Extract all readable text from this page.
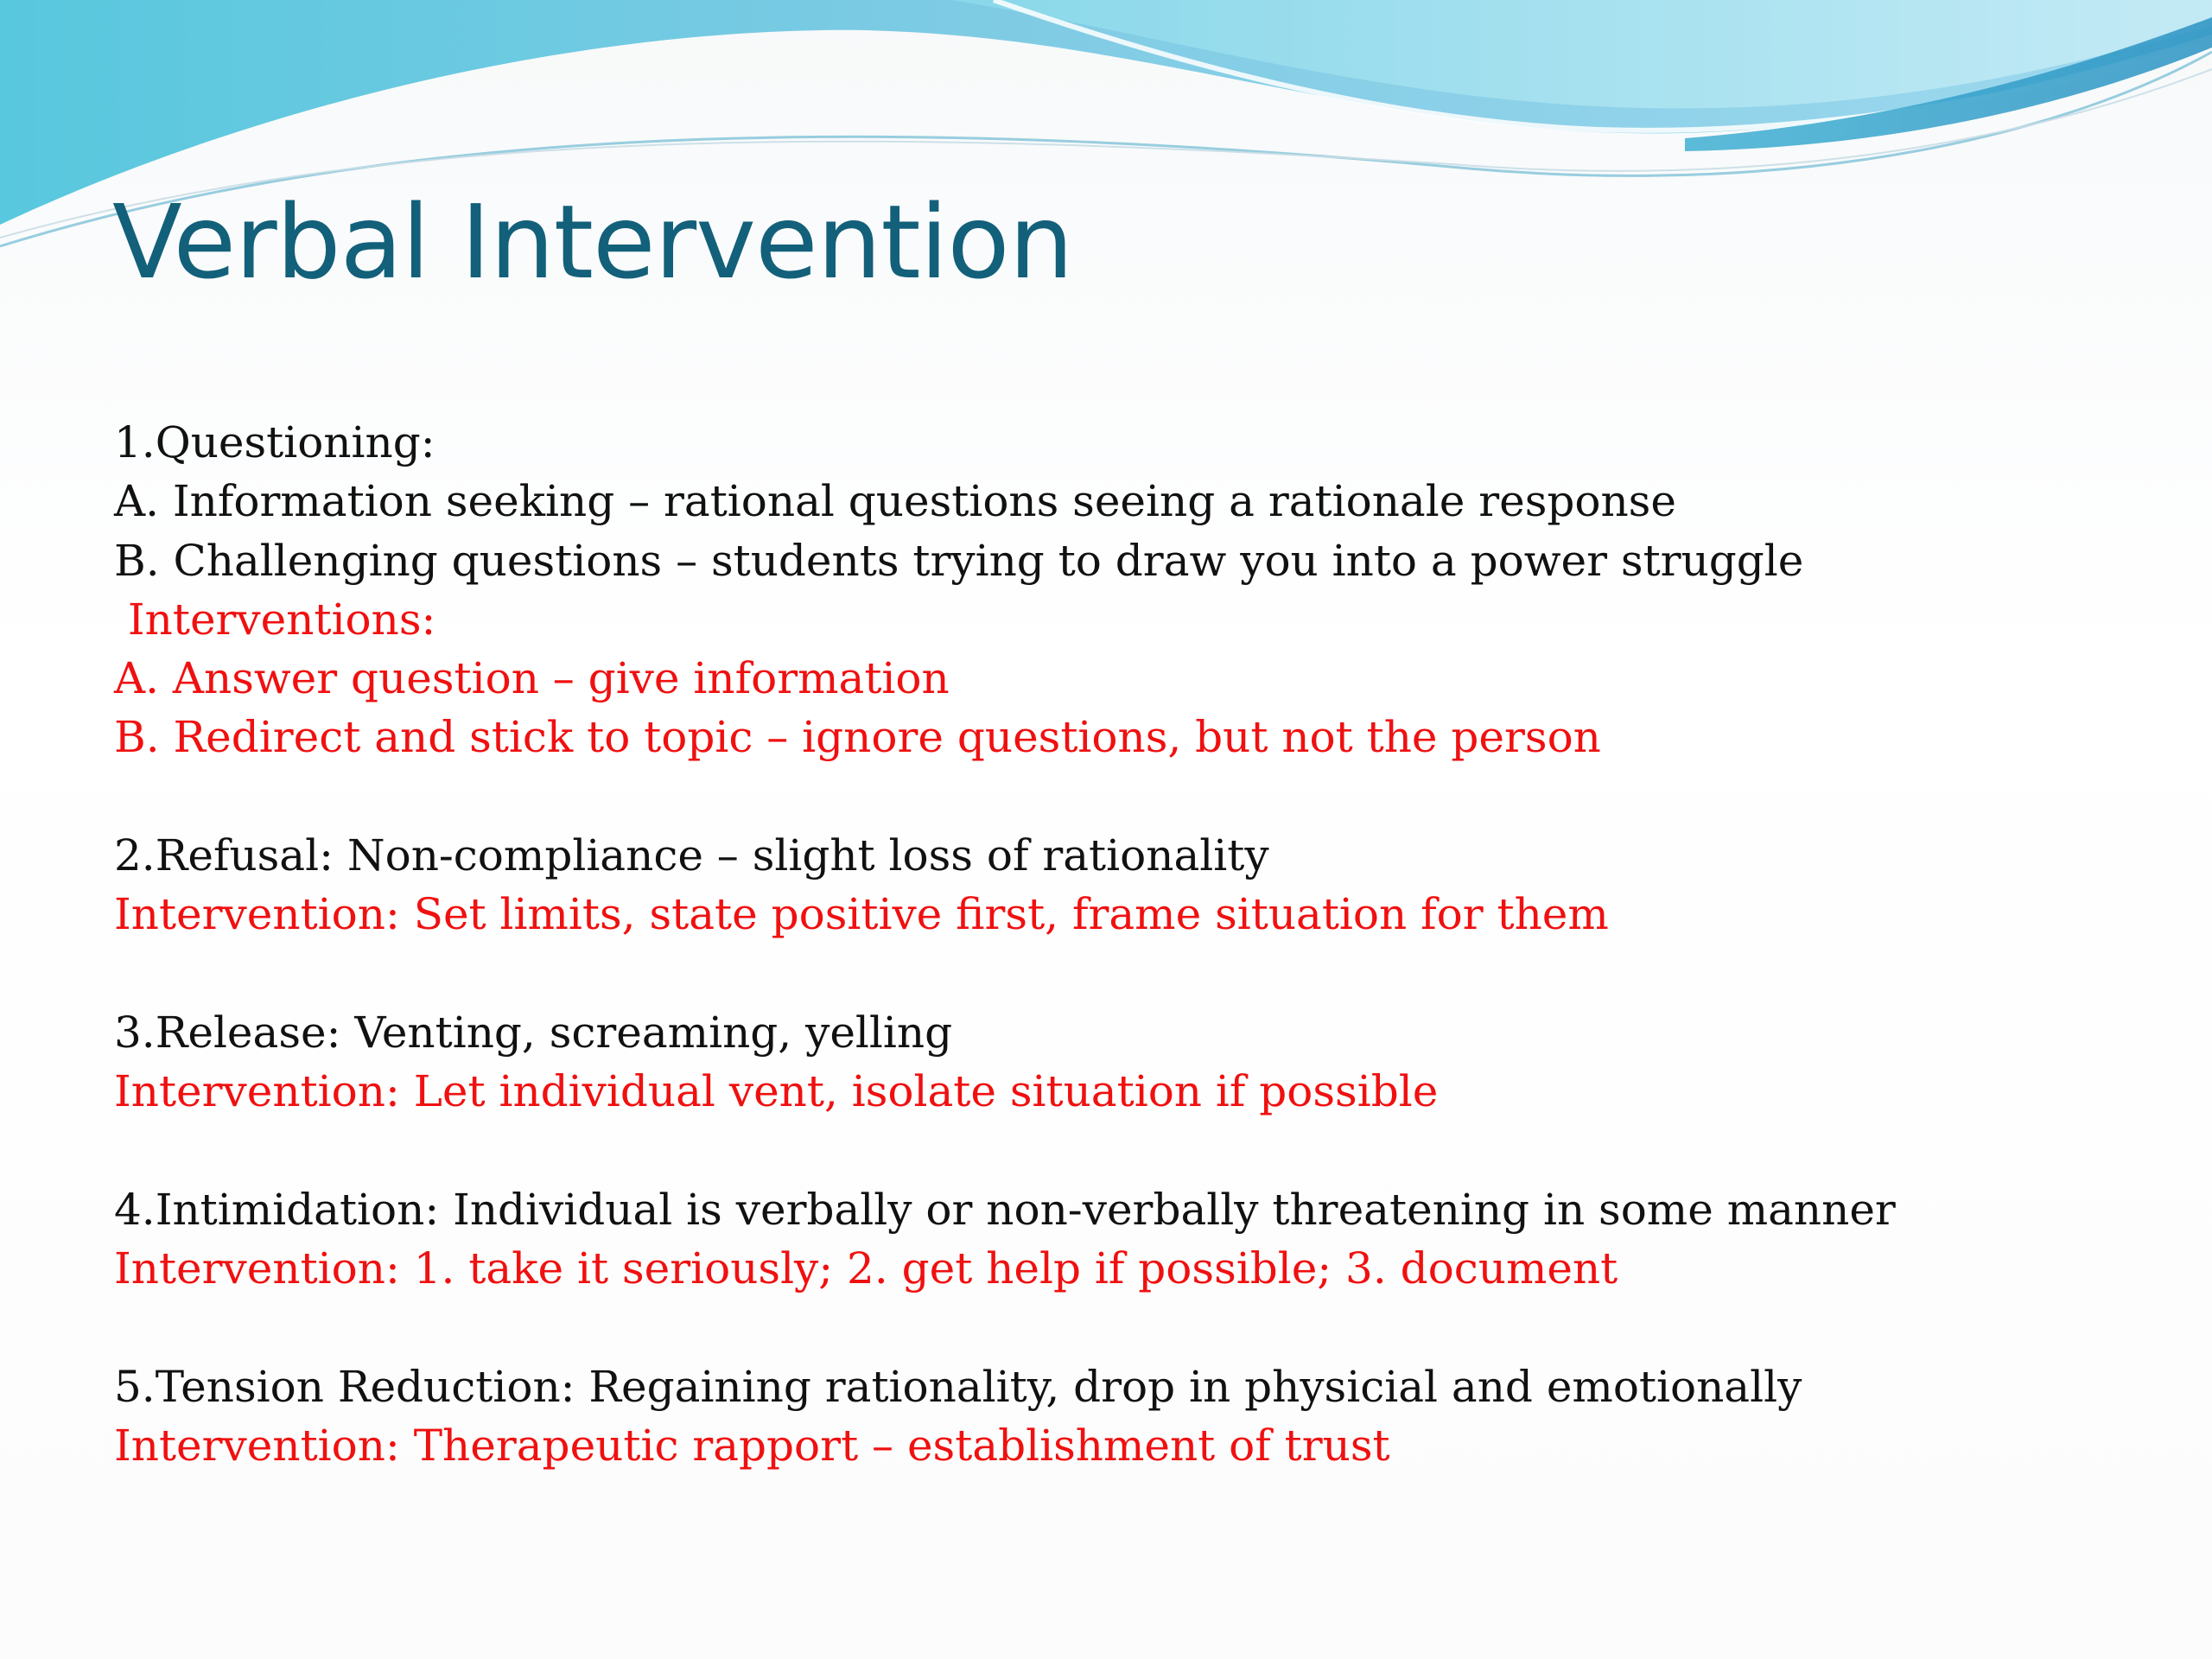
Verbal Intervention
1.Questioning:
A. Information seeking – rational questions seeing a rationale response
B. Challenging questions – students trying to draw you into a power struggle
Interventions:
A. Answer question – give information
B. Redirect and stick to topic – ignore questions, but not the person
2.Refusal: Non-compliance – slight loss of rationality
Intervention: Set limits, state positive first, frame situation for them
3.Release: Venting, screaming, yelling
Intervention: Let individual vent, isolate situation if possible
4.Intimidation: Individual is verbally or non-verbally threatening in some manner
Intervention: 1. take it seriously; 2. get help if possible; 3. document
5.Tension Reduction: Regaining rationality, drop in physicial and emotionally
Intervention: Therapeutic rapport – establishment of trust
